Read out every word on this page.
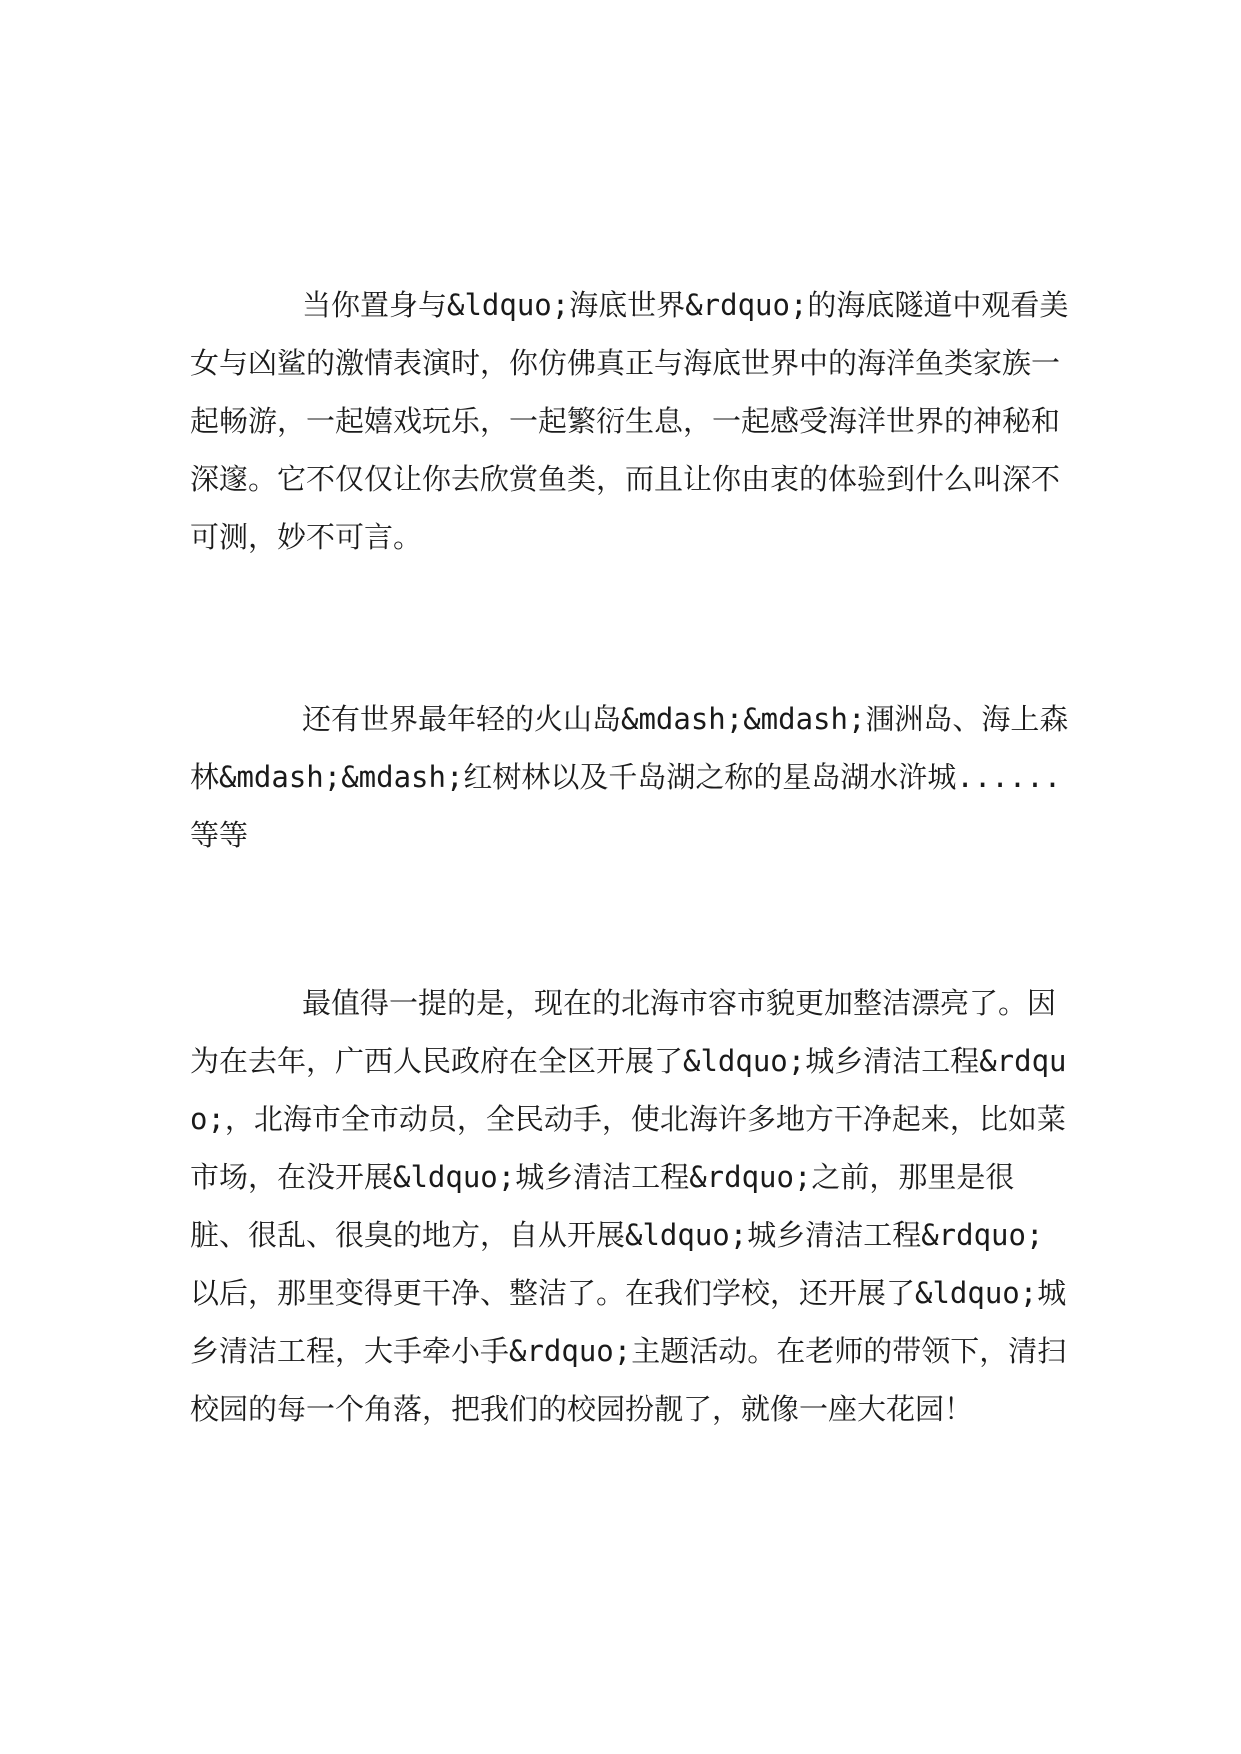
当你置身与&ldquo;海底世界&rdquo;的海底隧道中观看美女与凶鲨的激情表演时，你仿佛真正与海底世界中的海洋鱼类家族一起畅游，一起嬉戏玩乐，一起繁衍生息，一起感受海洋世界的神秘和深邃。它不仅仅让你去欣赏鱼类，而且让你由衷的体验到什么叫深不可测，妙不可言。

还有世界最年轻的火山岛&mdash;&mdash;涠洲岛、海上森林&mdash;&mdash;红树林以及千岛湖之称的星岛湖水浒城......等等

最值得一提的是，现在的北海市容市貌更加整洁漂亮了。因为在去年，广西人民政府在全区开展了&ldquo;城乡清洁工程&rdquo;，北海市全市动员，全民动手，使北海许多地方干净起来，比如菜市场，在没开展&ldquo;城乡清洁工程&rdquo;之前，那里是很脏、很乱、很臭的地方，自从开展&ldquo;城乡清洁工程&rdquo;以后，那里变得更干净、整洁了。在我们学校，还开展了&ldquo;城乡清洁工程，大手牵小手&rdquo;主题活动。在老师的带领下，清扫校园的每一个角落，把我们的校园扮靓了，就像一座大花园！
